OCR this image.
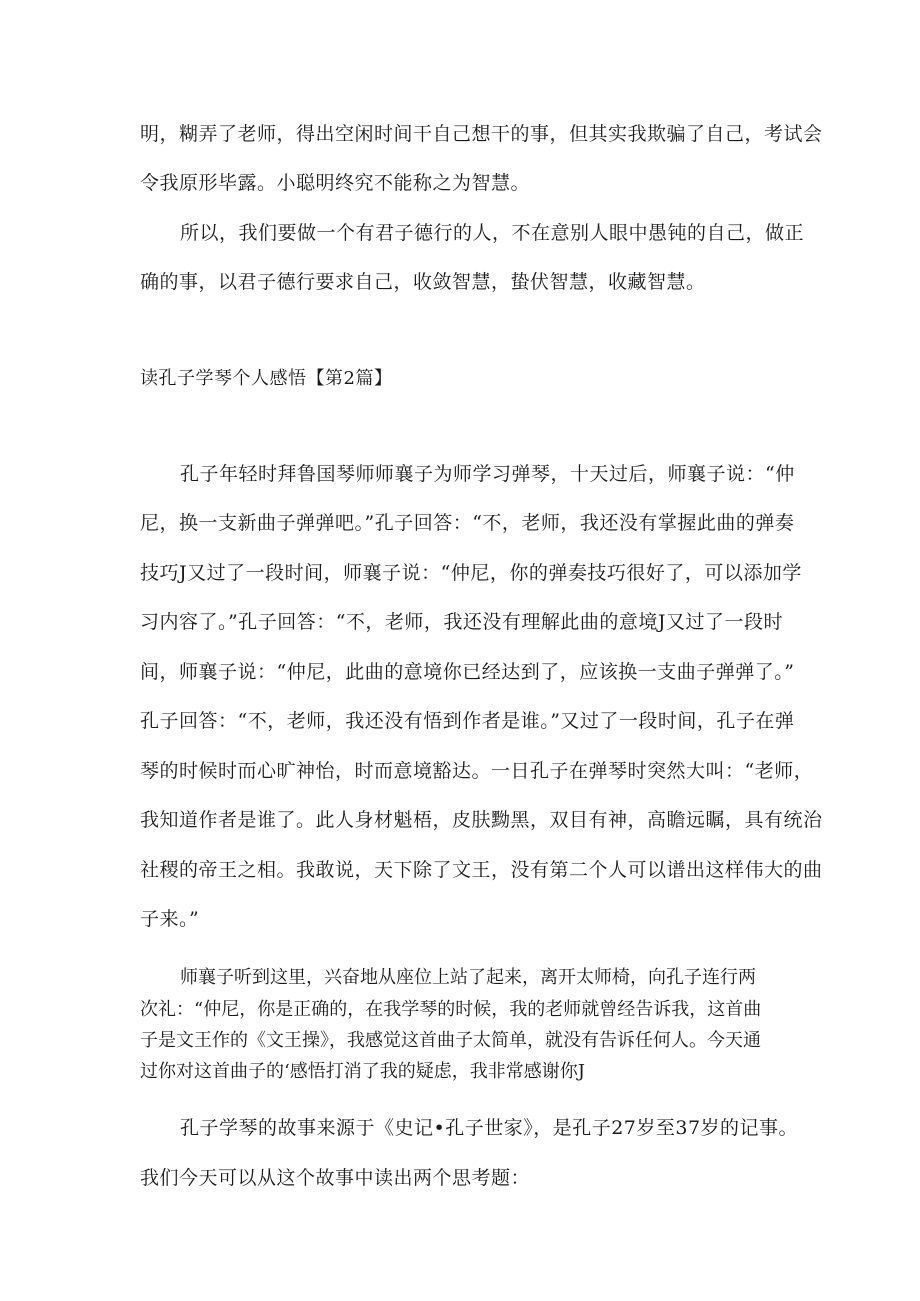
明，糊弄了老师，得出空闲时间干自己想干的事，但其实我欺骗了自己，考试会

令我原形毕露。小聪明终究不能称之为智慧。

所以，我们要做一个有君子德行的人，不在意别人眼中愚钝的自己，做正

确的事，以君子德行要求自己，收敛智慧，蛰伏智慧，收藏智慧。

读孔子学琴个人感悟【第2篇】

孔子年轻时拜鲁国琴师师襄子为师学习弹琴，十天过后，师襄子说：“仲

尼，换一支新曲子弹弹吧。”孔子回答：“不，老师，我还没有掌握此曲的弹奏

技巧J又过了一段时间，师襄子说：“仲尼，你的弹奏技巧很好了，可以添加学

习内容了。”孔子回答：“不，老师，我还没有理解此曲的意境J又过了一段时

间，师襄子说：“仲尼，此曲的意境你已经达到了，应该换一支曲子弹弹了。”

孔子回答：“不，老师，我还没有悟到作者是谁。”又过了一段时间，孔子在弹

琴的时候时而心旷神怡，时而意境豁达。一日孔子在弹琴时突然大叫：“老师，

我知道作者是谁了。此人身材魁梧，皮肤黝黑，双目有神，高瞻远瞩，具有统治

社稷的帝王之相。我敢说，天下除了文王，没有第二个人可以谱出这样伟大的曲

子来。”

师襄子听到这里，兴奋地从座位上站了起来，离开太师椅，向孔子连行两

次礼：“仲尼，你是正确的，在我学琴的时候，我的老师就曾经告诉我，这首曲

子是文王作的《文王操》，我感觉这首曲子太简单，就没有告诉任何人。今天通

过你对这首曲子的‘感悟打消了我的疑虑，我非常感谢你J

孔子学琴的故事来源于《史记•孔子世家》，是孔子27岁至37岁的记事。

我们今天可以从这个故事中读出两个思考题：
